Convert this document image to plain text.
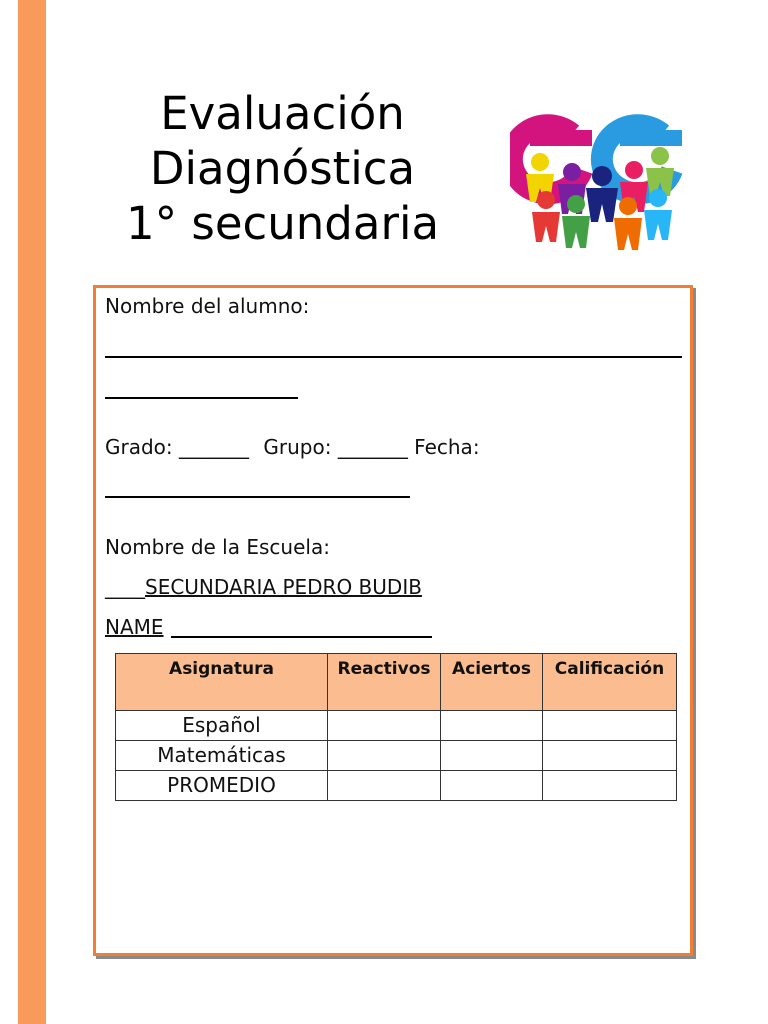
Evaluación
Diagnóstica
1° secundaria
Nombre del alumno:
Grado: _______ Grupo: _______ Fecha:
Nombre de la Escuela:
____SECUNDARIA PEDRO BUDIB
NAME
Asignatura	Reactivos	Aciertos	Calificación
Español			
Matemáticas			
PROMEDIO			
